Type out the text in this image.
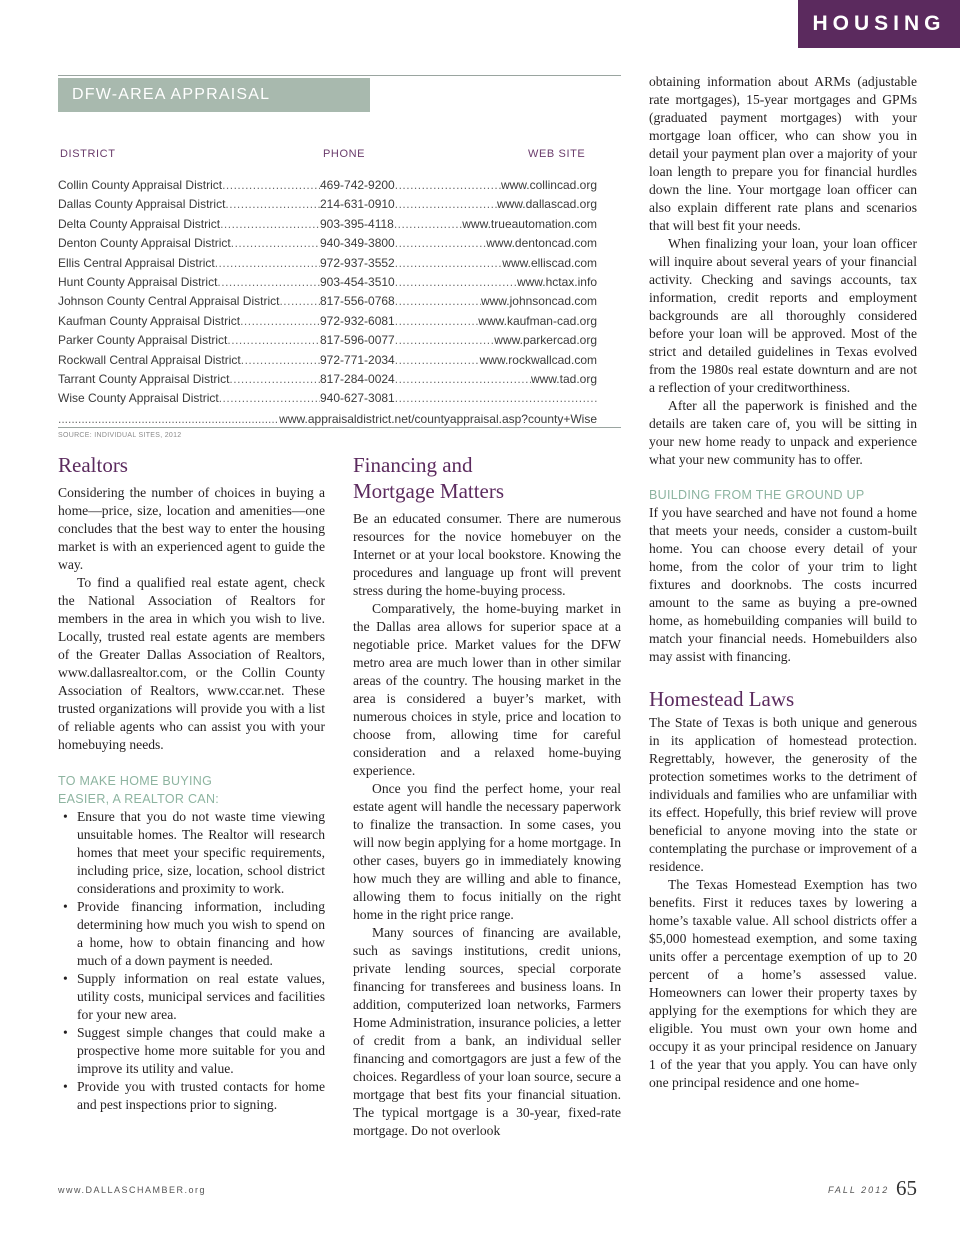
HOUSING
DFW-AREA APPRAISAL DISTRICTS
DISTRICT	PHONE	WEB SITE
Collin County Appraisal District .....	469-742-9200 .....	www.collincad.org
Dallas County Appraisal District .....	214-631-0910 .....	www.dallascad.org
Delta County Appraisal District .....	903-395-4118 .....	www.trueautomation.com
Denton County Appraisal District .....	940-349-3800 .....	www.dentoncad.com
Ellis Central Appraisal District .....	972-937-3552 .....	www.elliscad.com
Hunt County Appraisal District .....	903-454-3510 .....	www.hctax.info
Johnson County Central Appraisal District .....	817-556-0768 .....	www.johnsoncad.com
Kaufman County Appraisal District .....	972-932-6081 .....	www.kaufman-cad.org
Parker County Appraisal District .....	817-596-0077 .....	www.parkercad.org
Rockwall Central Appraisal District .....	972-771-2034 .....	www.rockwallcad.com
Tarrant County Appraisal District .....	817-284-0024 .....	www.tad.org
Wise County Appraisal District .....	940-627-3081
.....
.....
www.appraisaldistrict.net/countyappraisal.asp?county+Wise
SOURCE: INDIVIDUAL SITES, 2012
Realtors

Considering the number of choices in buying a home—price, size, location and amenities—one concludes that the best way to enter the housing market is with an experienced agent to guide the way.

To find a qualified real estate agent, check the National Association of Realtors for members in the area in which you wish to live. Locally, trusted real estate agents are members of the Greater Dallas Association of Realtors, www.dallasrealtor.com, or the Collin County Association of Realtors, www.ccar.net. These trusted organizations will provide you with a list of reliable agents who can assist you with your homebuying needs.

TO MAKE HOME BUYING
EASIER, A REALTOR CAN:
• Ensure that you do not waste time viewing unsuitable homes. The Realtor will research homes that meet your specific requirements, including price, size, location, school district considerations and proximity to work.
• Provide financing information, including determining how much you wish to spend on a home, how to obtain financing and how much of a down payment is needed.
• Supply information on real estate values, utility costs, municipal services and facilities for your new area.
• Suggest simple changes that could make a prospective home more suitable for you and improve its utility and value.
• Provide you with trusted contacts for home and pest inspections prior to signing.
Financing and
Mortgage Matters

Be an educated consumer. There are numerous resources for the novice homebuyer on the Internet or at your local bookstore. Knowing the procedures and language up front will prevent stress during the home-buying process.

Comparatively, the home-buying market in the Dallas area allows for superior space at a negotiable price. Market values for the DFW metro area are much lower than in other similar areas of the country. The housing market in the area is considered a buyer’s market, with numerous choices in style, price and location to choose from, allowing time for careful consideration and a relaxed home-buying experience.

Once you find the perfect home, your real estate agent will handle the necessary paperwork to finalize the transaction. In some cases, you will now begin applying for a home mortgage. In other cases, buyers go in immediately knowing how much they are willing and able to finance, allowing them to focus initially on the right home in the right price range.

Many sources of financing are available, such as savings institutions, credit unions, private lending sources, special corporate financing for transferees and business loans. In addition, computerized loan networks, Farmers Home Administration, insurance policies, a letter of credit from a bank, an individual seller financing and comortgagors are just a few of the choices. Regardless of your loan source, secure a mortgage that best fits your financial situation. The typical mortgage is a 30-year, fixed-rate mortgage. Do not overlook

obtaining information about ARMs (adjustable rate mortgages), 15-year mortgages and GPMs (graduated payment mortgages) with your mortgage loan officer, who can show you in detail your payment plan over a majority of your loan length to prepare you for financial hurdles down the line. Your mortgage loan officer can also explain different rate plans and scenarios that will best fit your needs.

When finalizing your loan, your loan officer will inquire about several years of your financial activity. Checking and savings accounts, tax information, credit reports and employment backgrounds are all thoroughly considered before your loan will be approved. Most of the strict and detailed guidelines in Texas evolved from the 1980s real estate downturn and are not a reflection of your creditworthiness.

After all the paperwork is finished and the details are taken care of, you will be sitting in your new home ready to unpack and experience what your new community has to offer.

BUILDING FROM THE GROUND UP

If you have searched and have not found a home that meets your needs, consider a custom-built home. You can choose every detail of your home, from the color of your trim to light fixtures and doorknobs. The costs incurred amount to the same as buying a pre-owned home, as homebuilding companies will build to match your financial needs. Homebuilders also may assist with financing.

Homestead Laws

The State of Texas is both unique and generous in its application of homestead protection. Regrettably, however, the generosity of the protection sometimes works to the detriment of individuals and families who are unfamiliar with its effect. Hopefully, this brief review will prove beneficial to anyone moving into the state or contemplating the purchase or improvement of a residence.

The Texas Homestead Exemption has two benefits. First it reduces taxes by lowering a home’s taxable value. All school districts offer a $5,000 homestead exemption, and some taxing units offer a percentage exemption of up to 20 percent of a home’s assessed value. Homeowners can lower their property taxes by applying for the exemptions for which they are eligible. You must own your own home and occupy it as your principal residence on January 1 of the year that you apply. You can have only one principal residence and one home-

www.DALLASCHAMBER.org	FALL 2012 65
